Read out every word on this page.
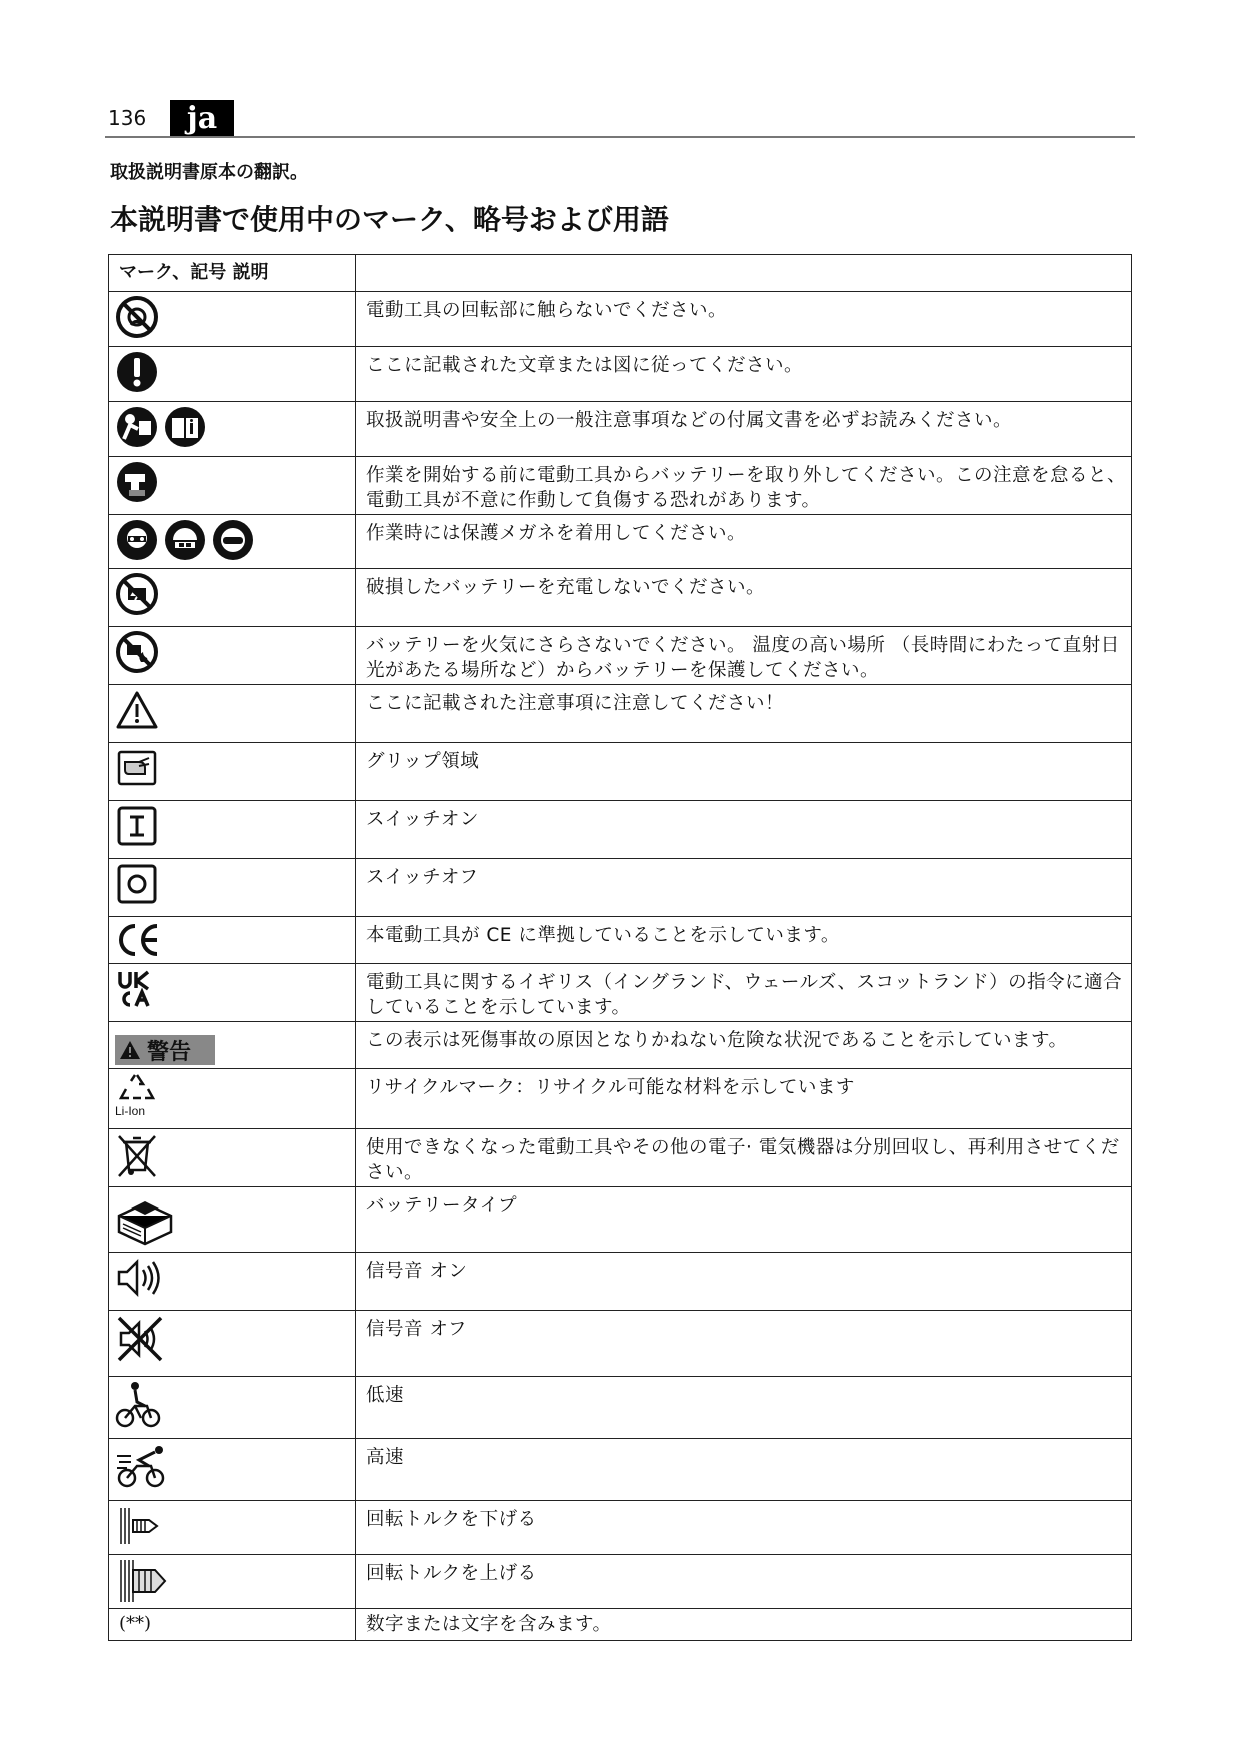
136	ja
取扱説明書原本の翻訳。
本説明書で使用中のマーク、略号および用語
マーク、記号 説明	

	電動工具の回転部に触らないでください。

	ここに記載された文章または図に従ってください。

	取扱説明書や安全上の一般注意事項などの付属文書を必ずお読みください。

	作業を開始する前に電動工具からバッテリーを取り外してください。この注意を怠ると、電動工具が不意に作動して負傷する恐れがあります。

	作業時には保護メガネを着用してください。

	破損したバッテリーを充電しないでください。

	バッテリーを火気にさらさないでください。 温度の高い場所 （長時間にわたって直射日光があたる場所など）からバッテリーを保護してください。

	ここに記載された注意事項に注意してください！

	グリップ領域

	スイッチオン

	スイッチオフ

	本電動工具が CE に準拠していることを示しています。

	電動工具に関するイギリス（イングランド、ウェールズ、スコットランド）の指令に適合していることを示しています。

警告	この表示は死傷事故の原因となりかねない危険な状況であることを示しています。

Li-Ion	リサイクルマーク：リサイクル可能な材料を示しています

	使用できなくなった電動工具やその他の電子· 電気機器は分別回収し、再利用させてください。

	バッテリータイプ

	信号音 オン

	信号音 オフ

	低速

	高速

	回転トルクを下げる

	回転トルクを上げる

(**)	数字または文字を含みます。
